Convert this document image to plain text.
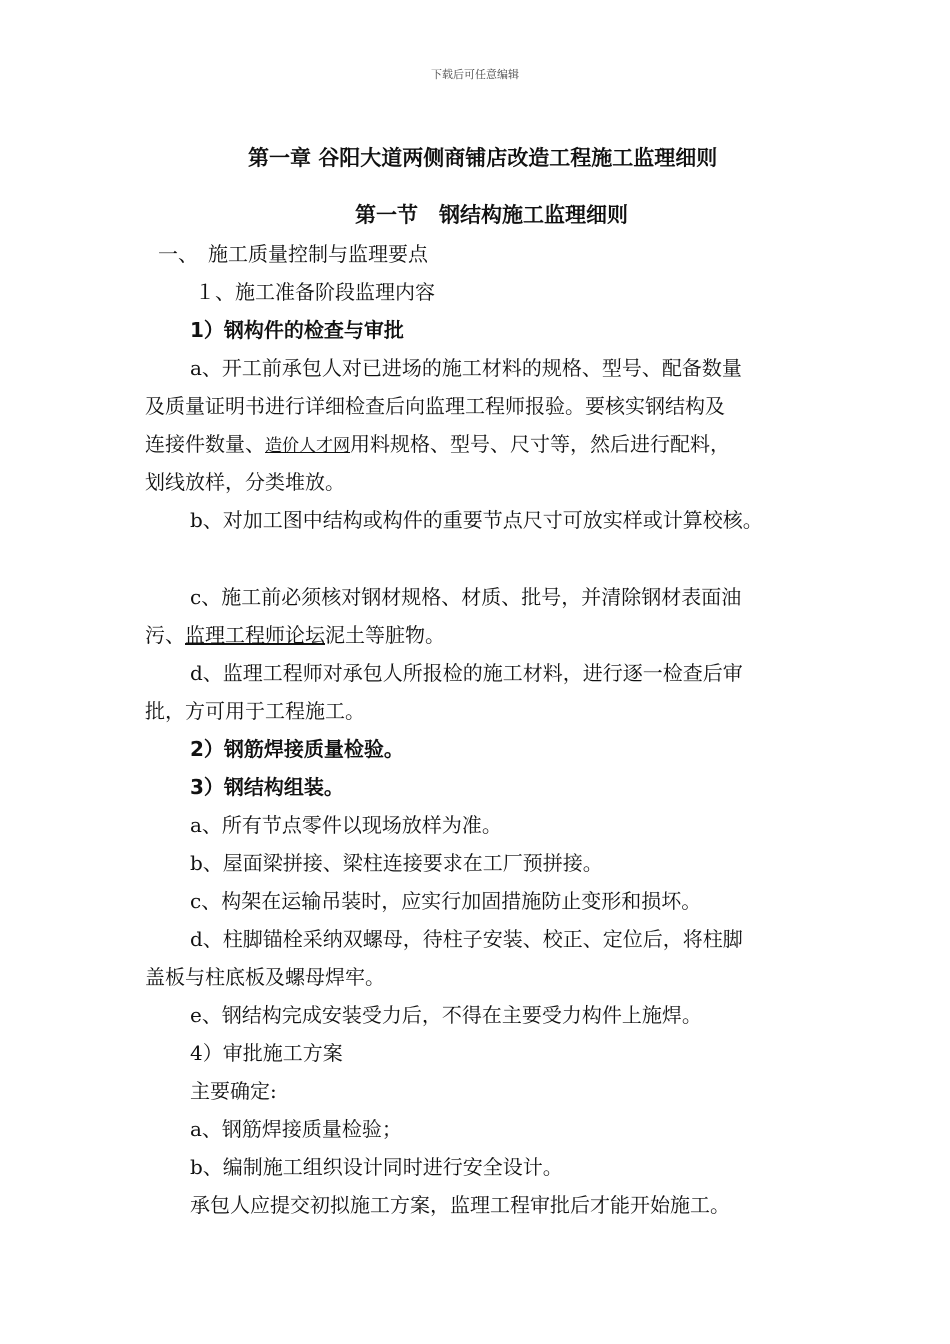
下载后可任意编辑
第一章 谷阳大道两侧商铺店改造工程施工监理细则
第一节　钢结构施工监理细则
一、　施工质量控制与监理要点
１、施工准备阶段监理内容
1）钢构件的检查与审批
a、开工前承包人对已进场的施工材料的规格、型号、配备数量
及质量证明书进行详细检查后向监理工程师报验。要核实钢结构及
连接件数量、造价人才网用料规格、型号、尺寸等，然后进行配料，
划线放样，分类堆放。
b、对加工图中结构或构件的重要节点尺寸可放实样或计算校核。
c、施工前必须核对钢材规格、材质、批号，并清除钢材表面油
污、监理工程师论坛泥土等脏物。
d、监理工程师对承包人所报检的施工材料，进行逐一检查后审
批，方可用于工程施工。
2）钢筋焊接质量检验。
3）钢结构组装。
a、所有节点零件以现场放样为准。
b、屋面梁拼接、梁柱连接要求在工厂预拼接。
c、构架在运输吊装时，应实行加固措施防止变形和损坏。
d、柱脚锚栓采纳双螺母，待柱子安装、校正、定位后，将柱脚
盖板与柱底板及螺母焊牢。
e、钢结构完成安装受力后，不得在主要受力构件上施焊。
4）审批施工方案
主要确定:
a、钢筋焊接质量检验；
b、编制施工组织设计同时进行安全设计。
承包人应提交初拟施工方案，监理工程审批后才能开始施工。
